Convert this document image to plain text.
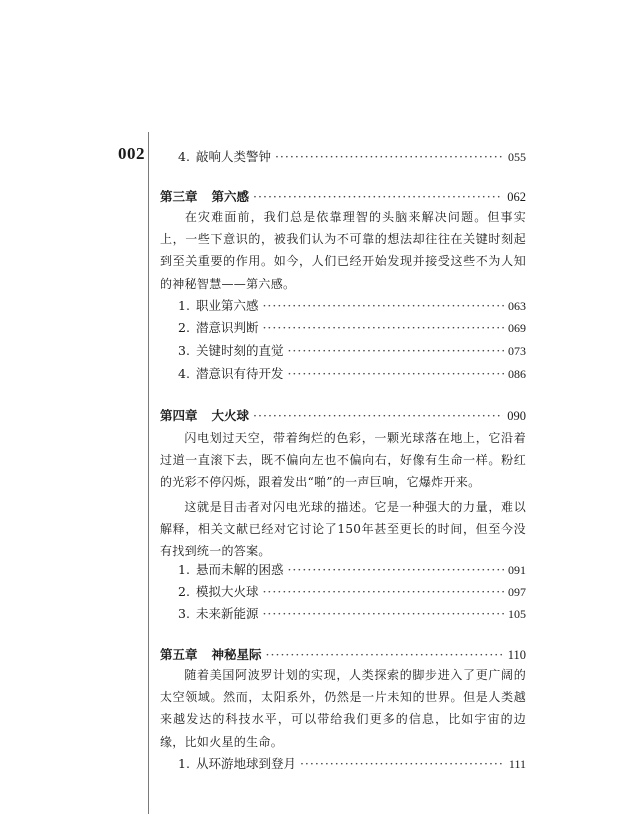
002	4. 敲响人类警钟 ·····	055
第三章 第六感 ·····	062
在灾难面前，我们总是依靠理智的头脑来解决问题。但事实上，一些下意识的，被我们认为不可靠的想法却往往在关键时刻起到至关重要的作用。如今，人们已经开始发现并接受这些不为人知的神秘智慧——第六感。
1. 职业第六感 ·····	063
2. 潜意识判断 ·····	069
3. 关键时刻的直觉 ·····	073
4. 潜意识有待开发 ·····	086
第四章 大火球 ·····	090
闪电划过天空，带着绚烂的色彩，一颗光球落在地上，它沿着过道一直滚下去，既不偏向左也不偏向右，好像有生命一样。粉红的光彩不停闪烁，跟着发出“啪”的一声巨响，它爆炸开来。
这就是目击者对闪电光球的描述。它是一种强大的力量，难以解释，相关文献已经对它讨论了150年甚至更长的时间，但至今没有找到统一的答案。
1. 悬而未解的困惑 ·····	091
2. 模拟大火球 ·····	097
3. 未来新能源 ·····	105
第五章 神秘星际 ·····	110
随着美国阿波罗计划的实现，人类探索的脚步进入了更广阔的太空领域。然而，太阳系外，仍然是一片未知的世界。但是人类越来越发达的科技水平，可以带给我们更多的信息，比如宇宙的边缘，比如火星的生命。
1. 从环游地球到登月 ·····	111
